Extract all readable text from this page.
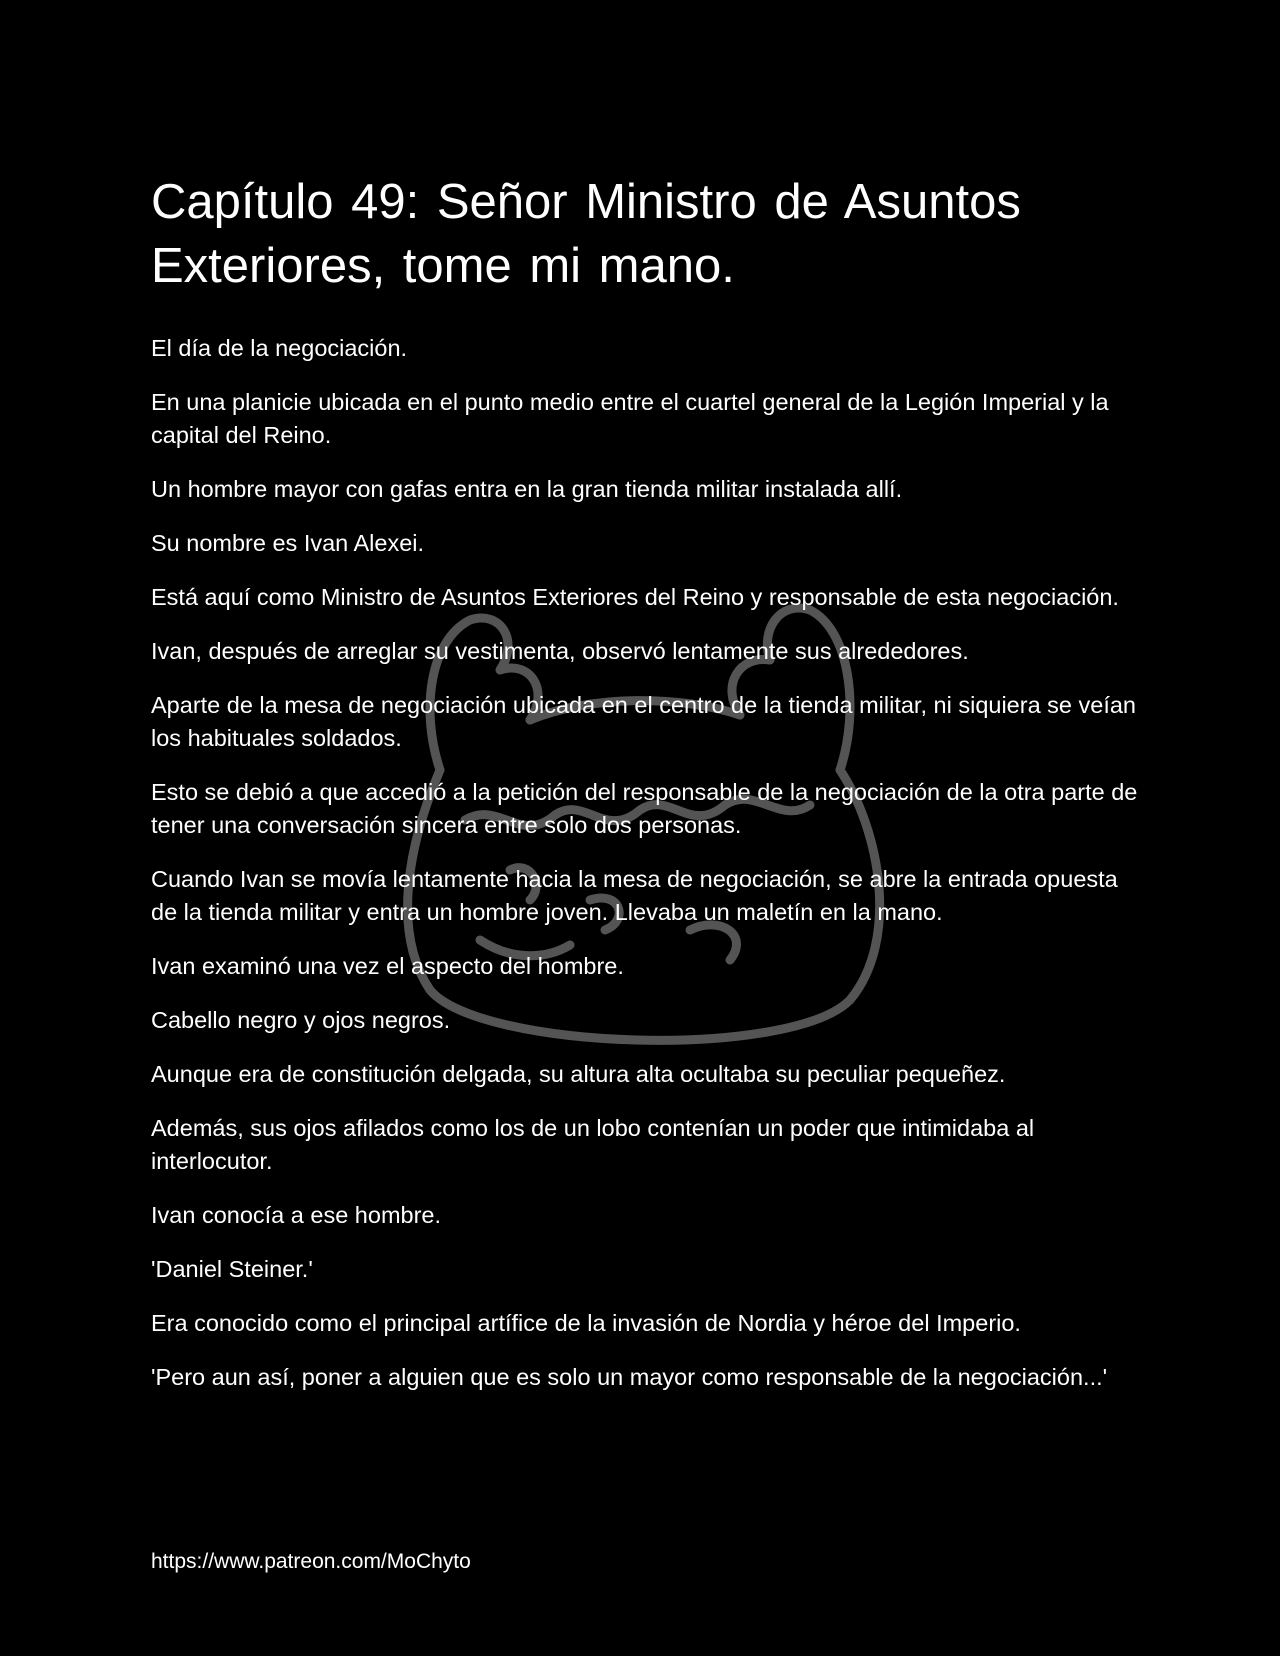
Capítulo 49: Señor Ministro de Asuntos Exteriores, tome mi mano.

El día de la negociación.

En una planicie ubicada en el punto medio entre el cuartel general de la Legión Imperial y la capital del Reino.

Un hombre mayor con gafas entra en la gran tienda militar instalada allí.

Su nombre es Ivan Alexei.

Está aquí como Ministro de Asuntos Exteriores del Reino y responsable de esta negociación.

Ivan, después de arreglar su vestimenta, observó lentamente sus alrededores.

Aparte de la mesa de negociación ubicada en el centro de la tienda militar, ni siquiera se veían los habituales soldados.

Esto se debió a que accedió a la petición del responsable de la negociación de la otra parte de tener una conversación sincera entre solo dos personas.

Cuando Ivan se movía lentamente hacia la mesa de negociación, se abre la entrada opuesta de la tienda militar y entra un hombre joven. Llevaba un maletín en la mano.

Ivan examinó una vez el aspecto del hombre.

Cabello negro y ojos negros.

Aunque era de constitución delgada, su altura alta ocultaba su peculiar pequeñez.

Además, sus ojos afilados como los de un lobo contenían un poder que intimidaba al interlocutor.

Ivan conocía a ese hombre.

'Daniel Steiner.'

Era conocido como el principal artífice de la invasión de Nordia y héroe del Imperio.

'Pero aun así, poner a alguien que es solo un mayor como responsable de la negociación...'

https://www.patreon.com/MoChyto
